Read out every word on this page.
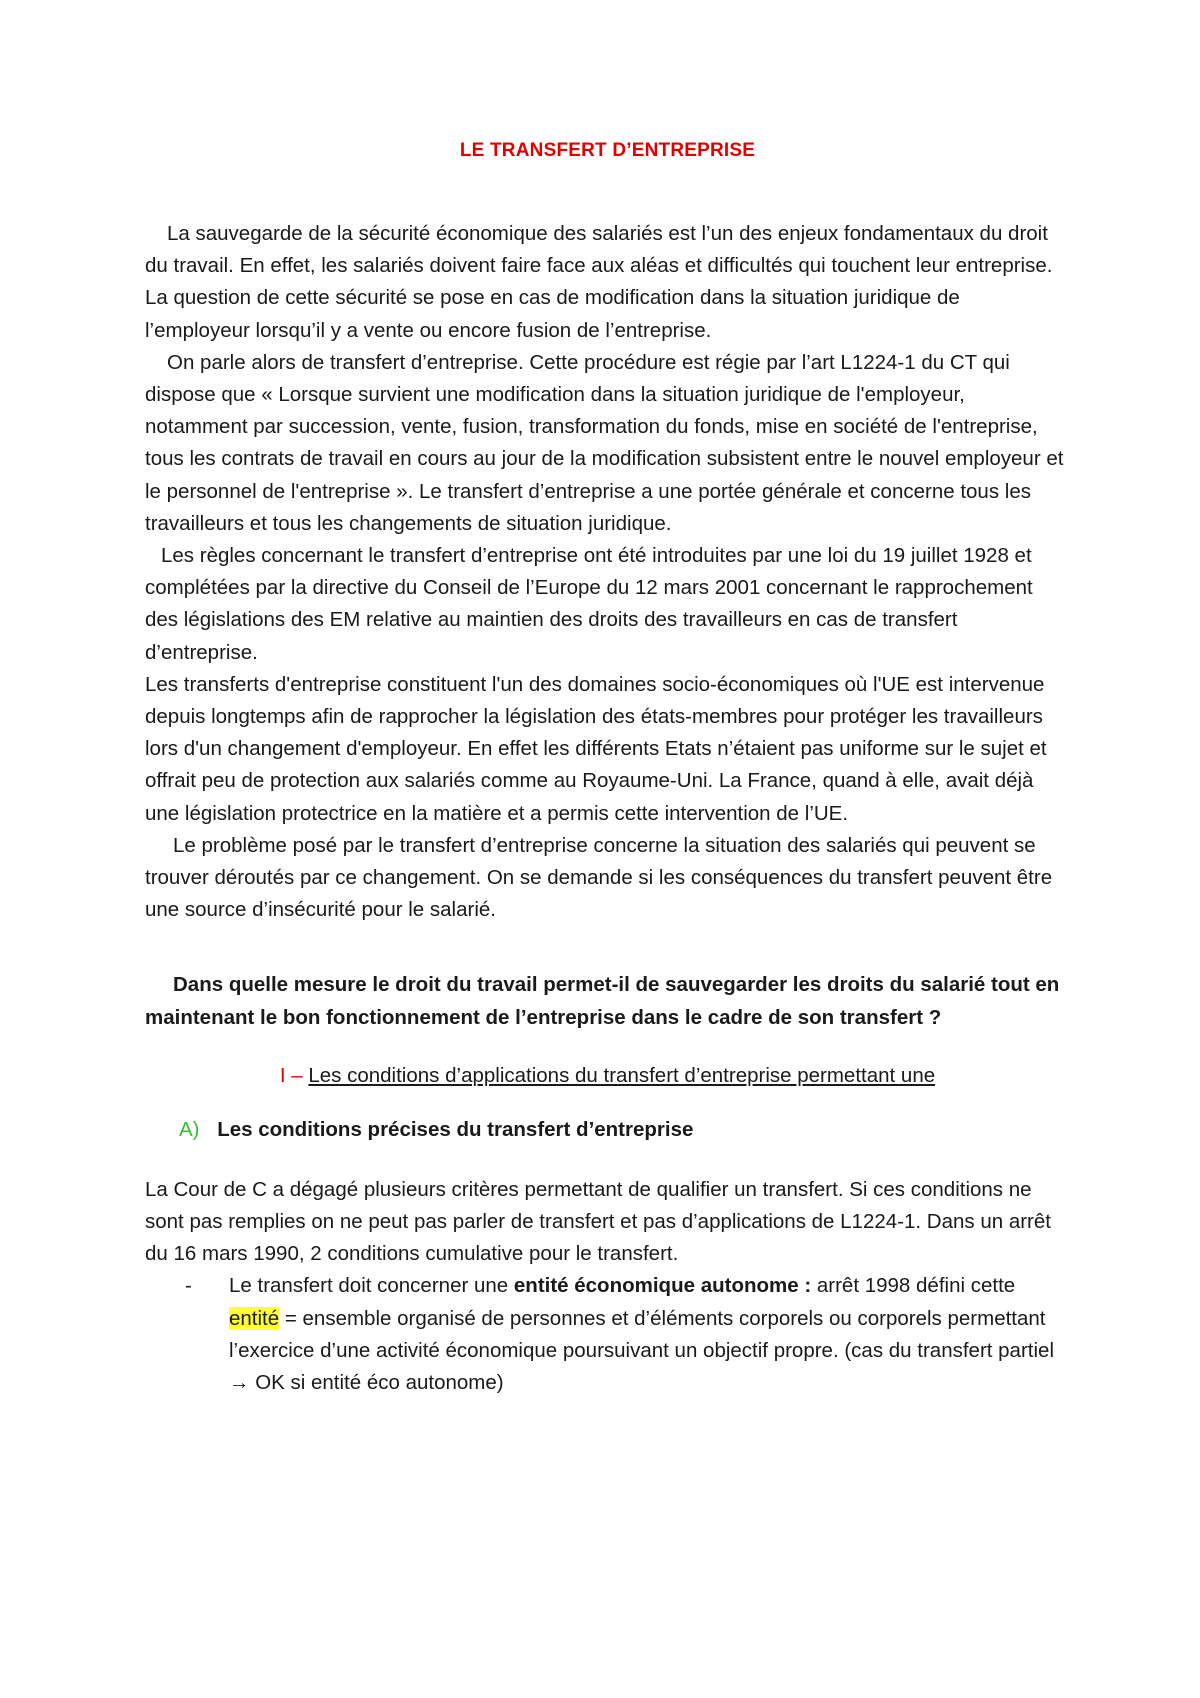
LE TRANSFERT D’ENTREPRISE

La sauvegarde de la sécurité économique des salariés est l’un des enjeux fondamentaux du droit du travail. En effet, les salariés doivent faire face aux aléas et difficultés qui touchent leur entreprise. La question de cette sécurité se pose en cas de modification dans la situation juridique de l’employeur lorsqu’il y a vente ou encore fusion de l’entreprise.

On parle alors de transfert d’entreprise. Cette procédure est régie par l’art L1224-1 du CT qui dispose que « Lorsque survient une modification dans la situation juridique de l'employeur, notamment par succession, vente, fusion, transformation du fonds, mise en société de l'entreprise, tous les contrats de travail en cours au jour de la modification subsistent entre le nouvel employeur et le personnel de l'entreprise ». Le transfert d’entreprise a une portée générale et concerne tous les travailleurs et tous les changements de situation juridique.

Les règles concernant le transfert d’entreprise ont été introduites par une loi du 19 juillet 1928 et complétées par la directive du Conseil de l’Europe du 12 mars 2001 concernant le rapprochement des législations des EM relative au maintien des droits des travailleurs en cas de transfert d’entreprise.

Les transferts d'entreprise constituent l'un des domaines socio-économiques où l'UE est intervenue depuis longtemps afin de rapprocher la législation des états-membres pour protéger les travailleurs lors d'un changement d'employeur. En effet les différents Etats n’étaient pas uniforme sur le sujet et offrait peu de protection aux salariés comme au Royaume-Uni. La France, quand à elle, avait déjà une législation protectrice en la matière et a permis cette intervention de l’UE.

Le problème posé par le transfert d’entreprise concerne la situation des salariés qui peuvent se trouver déroutés par ce changement. On se demande si les conséquences du transfert peuvent être une source d’insécurité pour le salarié.

Dans quelle mesure le droit du travail permet-il de sauvegarder les droits du salarié tout en maintenant le bon fonctionnement de l’entreprise dans le cadre de son transfert ?

I – Les conditions d’applications du transfert d’entreprise permettant une
A) Les conditions précises du transfert d’entreprise

La Cour de C a dégagé plusieurs critères permettant de qualifier un transfert. Si ces conditions ne sont pas remplies on ne peut pas parler de transfert et pas d’applications de L1224-1. Dans un arrêt du 16 mars 1990, 2 conditions cumulative pour le transfert.

-	Le transfert doit concerner une entité économique autonome : arrêt 1998 défini cette entité = ensemble organisé de personnes et d’éléments corporels ou corporels permettant l’exercice d’une activité économique poursuivant un objectif propre. (cas du transfert partiel → OK si entité éco autonome)
